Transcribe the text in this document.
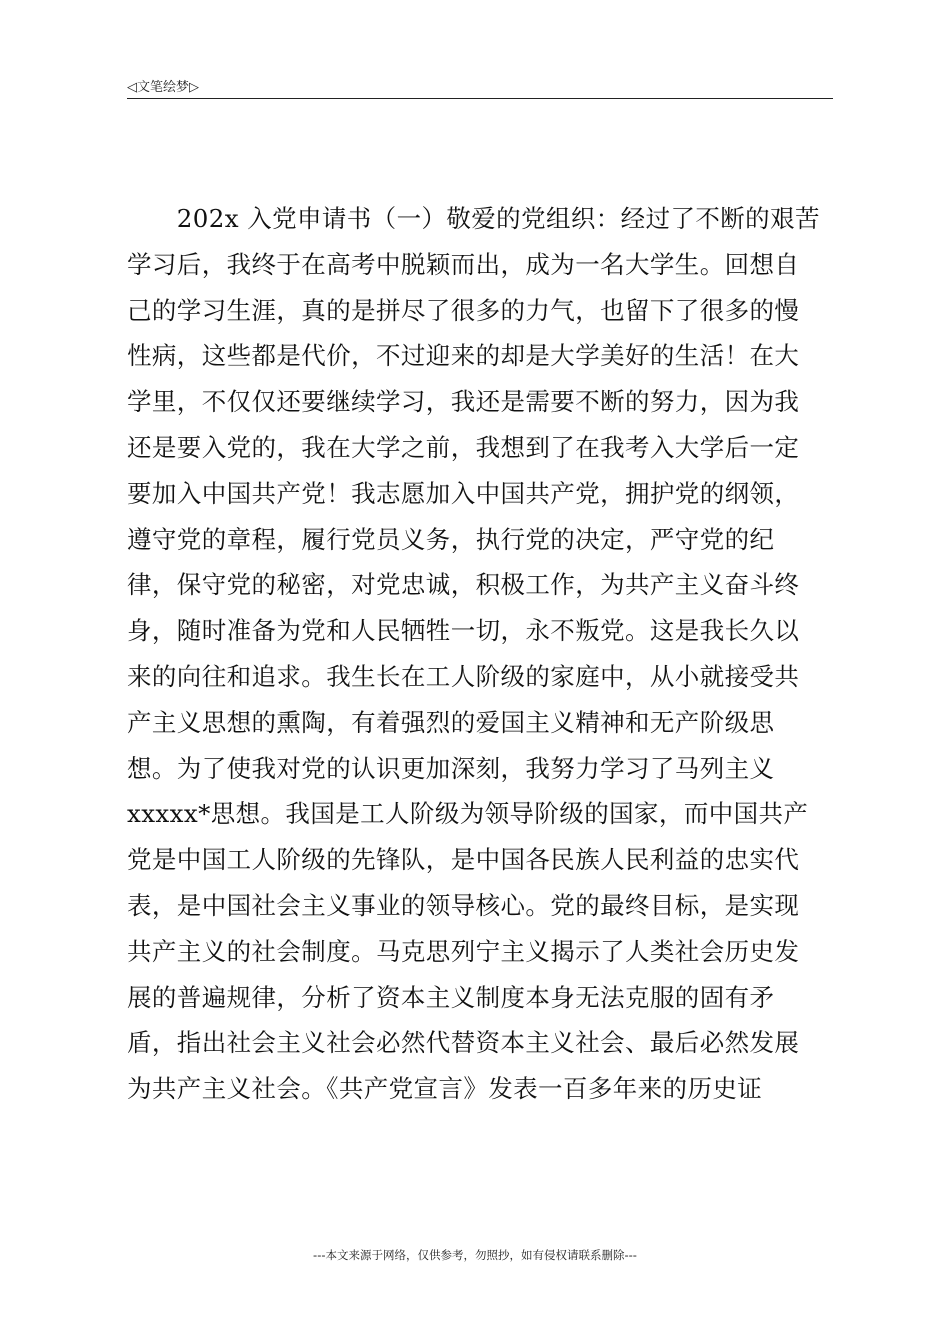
◁文笔绘梦▷
　　202x 入党申请书（一）敬爱的党组织：经过了不断的艰苦
学习后，我终于在高考中脱颖而出，成为一名大学生。回想自
己的学习生涯，真的是拼尽了很多的力气，也留下了很多的慢
性病，这些都是代价，不过迎来的却是大学美好的生活！在大
学里，不仅仅还要继续学习，我还是需要不断的努力，因为我
还是要入党的，我在大学之前，我想到了在我考入大学后一定
要加入中国共产党！我志愿加入中国共产党，拥护党的纲领，
遵守党的章程，履行党员义务，执行党的决定，严守党的纪
律，保守党的秘密，对党忠诚，积极工作，为共产主义奋斗终
身，随时准备为党和人民牺牲一切，永不叛党。这是我长久以
来的向往和追求。我生长在工人阶级的家庭中，从小就接受共
产主义思想的熏陶，有着强烈的爱国主义精神和无产阶级思
想。为了使我对党的认识更加深刻，我努力学习了马列主义
xxxxx*思想。我国是工人阶级为领导阶级的国家，而中国共产
党是中国工人阶级的先锋队，是中国各民族人民利益的忠实代
表，是中国社会主义事业的领导核心。党的最终目标，是实现
共产主义的社会制度。马克思列宁主义揭示了人类社会历史发
展的普遍规律，分析了资本主义制度本身无法克服的固有矛
盾，指出社会主义社会必然代替资本主义社会、最后必然发展
为共产主义社会。《共产党宣言》发表一百多年来的历史证
---本文来源于网络，仅供参考，勿照抄，如有侵权请联系删除---
